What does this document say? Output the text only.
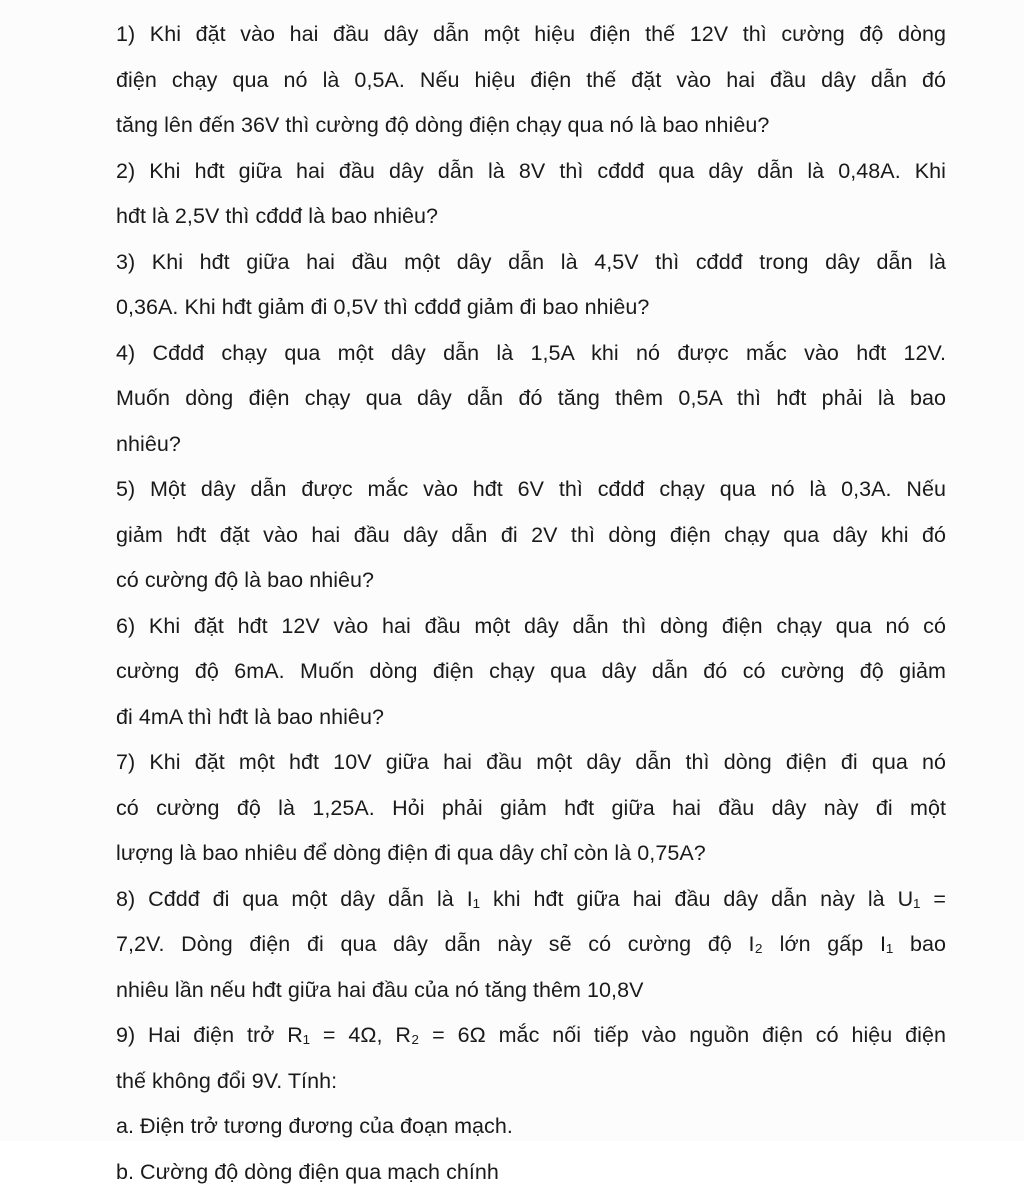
1) Khi đặt vào hai đầu dây dẫn một hiệu điện thế 12V thì cường độ dòng
điện chạy qua nó là 0,5A. Nếu hiệu điện thế đặt vào hai đầu dây dẫn đó
tăng lên đến 36V thì cường độ dòng điện chạy qua nó là bao nhiêu?
2) Khi hđt giữa hai đầu dây dẫn là 8V thì cđdđ qua dây dẫn là 0,48A. Khi
hđt là 2,5V thì cđdđ là bao nhiêu?
3) Khi hđt giữa hai đầu một dây dẫn là 4,5V thì cđdđ trong dây dẫn là
0,36A. Khi hđt giảm đi 0,5V thì cđdđ giảm đi bao nhiêu?
4) Cđdđ chạy qua một dây dẫn là 1,5A khi nó được mắc vào hđt 12V.
Muốn dòng điện chạy qua dây dẫn đó tăng thêm 0,5A thì hđt phải là bao
nhiêu?
5) Một dây dẫn được mắc vào hđt 6V thì cđdđ chạy qua nó là 0,3A. Nếu
giảm hđt đặt vào hai đầu dây dẫn đi 2V thì dòng điện chạy qua dây khi đó
có cường độ là bao nhiêu?
6) Khi đặt hđt 12V vào hai đầu một dây dẫn thì dòng điện chạy qua nó có
cường độ 6mA. Muốn dòng điện chạy qua dây dẫn đó có cường độ giảm
đi 4mA thì hđt là bao nhiêu?
7) Khi đặt một hđt 10V giữa hai đầu một dây dẫn thì dòng điện đi qua nó
có cường độ là 1,25A. Hỏi phải giảm hđt giữa hai đầu dây này đi một
lượng là bao nhiêu để dòng điện đi qua dây chỉ còn là 0,75A?
8) Cđdđ đi qua một dây dẫn là I₁ khi hđt giữa hai đầu dây dẫn này là U₁ =
7,2V. Dòng điện đi qua dây dẫn này sẽ có cường độ I₂ lớn gấp I₁ bao
nhiêu lần nếu hđt giữa hai đầu của nó tăng thêm 10,8V
9) Hai điện trở R₁ = 4Ω, R₂ = 6Ω mắc nối tiếp vào nguồn điện có hiệu điện
thế không đổi 9V. Tính:
a. Điện trở tương đương của đoạn mạch.
b. Cường độ dòng điện qua mạch chính
